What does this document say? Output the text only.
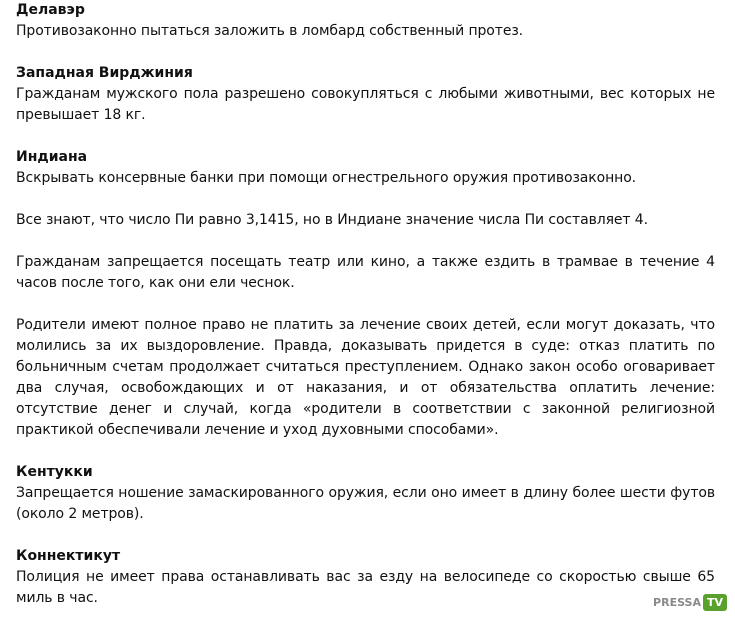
Делавэр

Противозаконно пытаться заложить в ломбард собственный протез.

Западная Вирджиния

Гражданам мужского пола разрешено совокупляться с любыми животными, вес которых не превышает 18 кг.

Индиана

Вскрывать консервные банки при помощи огнестрельного оружия противозаконно.

Все знают, что число Пи равно 3,1415, но в Индиане значение числа Пи составляет 4.

Гражданам запрещается посещать театр или кино, а также ездить в трамвае в течение 4 часов после того, как они ели чеснок.

Родители имеют полное право не платить за лечение своих детей, если могут доказать, что молились за их выздоровление. Правда, доказывать придется в суде: отказ платить по больничным счетам продолжает считаться преступлением. Однако закон особо оговаривает два случая, освобождающих и от наказания, и от обязательства оплатить лечение: отсутствие денег и случай, когда «родители в соответствии с законной религиозной практикой обеспечивали лечение и уход духовными способами».

Кентукки

Запрещается ношение замаскированного оружия, если оно имеет в длину более шести футов (около 2 метров).

Коннектикут

Полиция не имеет права останавливать вас за езду на велосипеде со скоростью свыше 65 миль в час.	PRESSA TV
